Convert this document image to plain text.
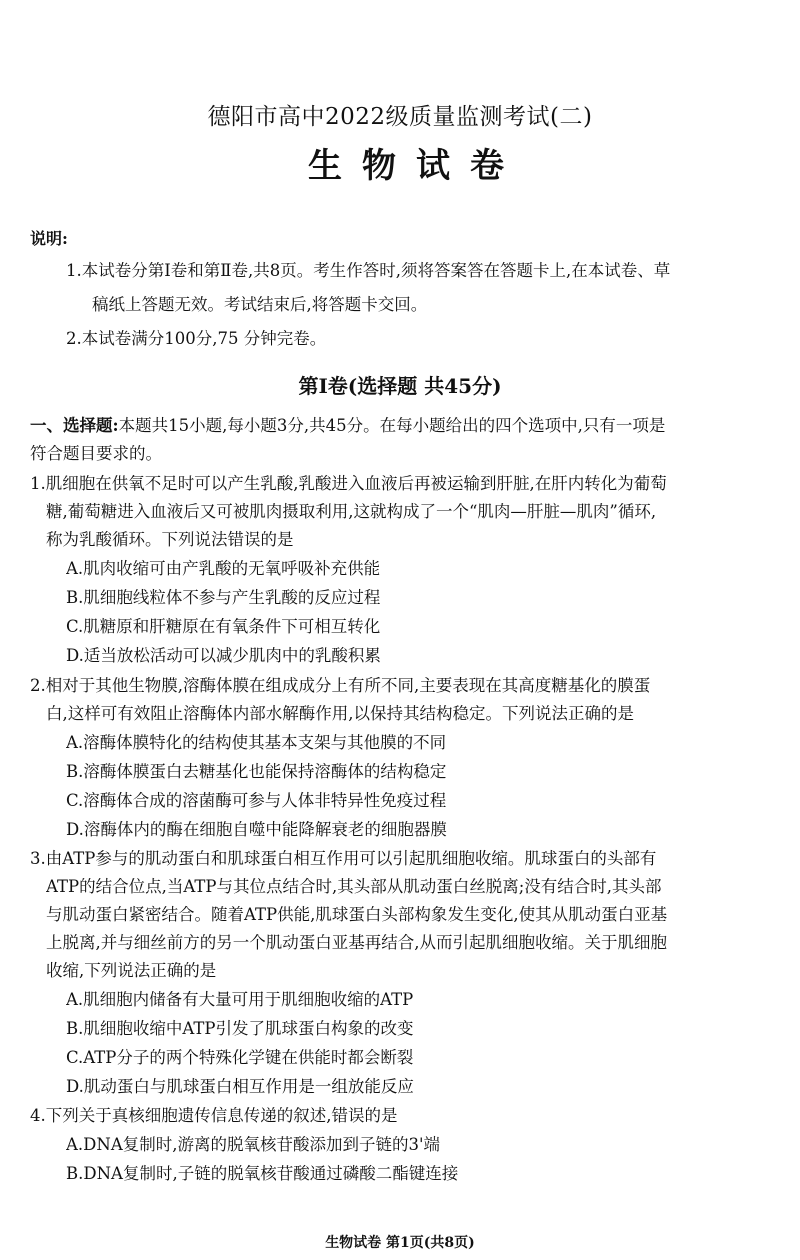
德阳市高中2022级质量监测考试(二)
生物试卷
说明:
1.本试卷分第Ⅰ卷和第Ⅱ卷,共8页。考生作答时,须将答案答在答题卡上,在本试卷、草
稿纸上答题无效。考试结束后,将答题卡交回。
2.本试卷满分100分,75 分钟完卷。
第Ⅰ卷(选择题 共45分)
一、选择题:本题共15小题,每小题3分,共45分。在每小题给出的四个选项中,只有一项是
符合题目要求的。
1.肌细胞在供氧不足时可以产生乳酸,乳酸进入血液后再被运输到肝脏,在肝内转化为葡萄
糖,葡萄糖进入血液后又可被肌肉摄取利用,这就构成了一个“肌肉—肝脏—肌肉”循环,
称为乳酸循环。下列说法错误的是
A.肌肉收缩可由产乳酸的无氧呼吸补充供能
B.肌细胞线粒体不参与产生乳酸的反应过程
C.肌糖原和肝糖原在有氧条件下可相互转化
D.适当放松活动可以减少肌肉中的乳酸积累
2.相对于其他生物膜,溶酶体膜在组成成分上有所不同,主要表现在其高度糖基化的膜蛋
白,这样可有效阻止溶酶体内部水解酶作用,以保持其结构稳定。下列说法正确的是
A.溶酶体膜特化的结构使其基本支架与其他膜的不同
B.溶酶体膜蛋白去糖基化也能保持溶酶体的结构稳定
C.溶酶体合成的溶菌酶可参与人体非特异性免疫过程
D.溶酶体内的酶在细胞自噬中能降解衰老的细胞器膜
3.由ATP参与的肌动蛋白和肌球蛋白相互作用可以引起肌细胞收缩。肌球蛋白的头部有
ATP的结合位点,当ATP与其位点结合时,其头部从肌动蛋白丝脱离;没有结合时,其头部
与肌动蛋白紧密结合。随着ATP供能,肌球蛋白头部构象发生变化,使其从肌动蛋白亚基
上脱离,并与细丝前方的另一个肌动蛋白亚基再结合,从而引起肌细胞收缩。关于肌细胞
收缩,下列说法正确的是
A.肌细胞内储备有大量可用于肌细胞收缩的ATP
B.肌细胞收缩中ATP引发了肌球蛋白构象的改变
C.ATP分子的两个特殊化学键在供能时都会断裂
D.肌动蛋白与肌球蛋白相互作用是一组放能反应
4.下列关于真核细胞遗传信息传递的叙述,错误的是
A.DNA复制时,游离的脱氧核苷酸添加到子链的3'端
B.DNA复制时,子链的脱氧核苷酸通过磷酸二酯键连接
生物试卷 第1页(共8页)
